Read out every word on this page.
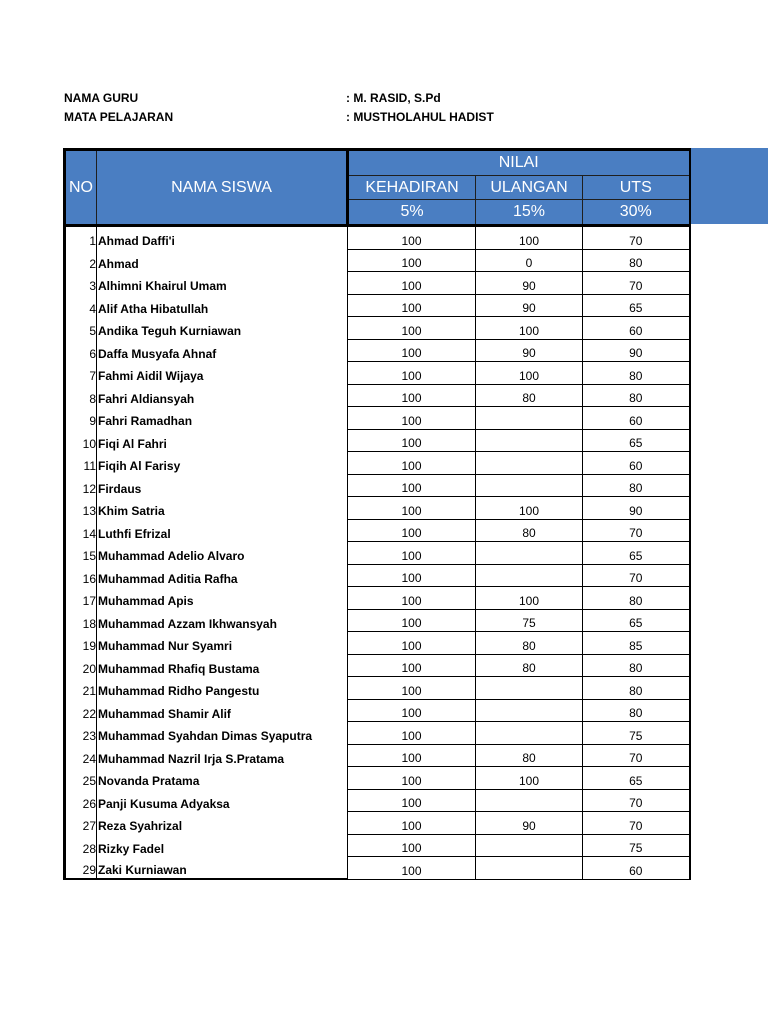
NAMA GURU	: M. RASID, S.Pd
MATA PELAJARAN	: MUSTHOLAHUL HADIST
NO	NAMA SISWA	NILAI		
		KEHADIRAN	ULANGAN	UTS
		5%	15%	30%
1	Ahmad Daffi'i	100	100	70
2	Ahmad	100	0	80
3	Alhimni Khairul Umam	100	90	70
4	Alif Atha Hibatullah	100	90	65
5	Andika Teguh Kurniawan	100	100	60
6	Daffa Musyafa Ahnaf	100	90	90
7	Fahmi Aidil Wijaya	100	100	80
8	Fahri Aldiansyah	100	80	80
9	Fahri Ramadhan	100		60
10	Fiqi Al Fahri	100		65
11	Fiqih Al Farisy	100		60
12	Firdaus	100		80
13	Khim Satria	100	100	90
14	Luthfi Efrizal	100	80	70
15	Muhammad Adelio Alvaro	100		65
16	Muhammad Aditia Rafha	100		70
17	Muhammad Apis	100	100	80
18	Muhammad Azzam Ikhwansyah	100	75	65
19	Muhammad Nur Syamri	100	80	85
20	Muhammad Rhafiq Bustama	100	80	80
21	Muhammad Ridho Pangestu	100		80
22	Muhammad Shamir Alif	100		80
23	Muhammad Syahdan Dimas Syaputra	100		75
24	Muhammad Nazril Irja S.Pratama	100	80	70
25	Novanda Pratama	100	100	65
26	Panji Kusuma Adyaksa	100		70
27	Reza Syahrizal	100	90	70
28	Rizky Fadel	100		75
29	Zaki Kurniawan	100		60
